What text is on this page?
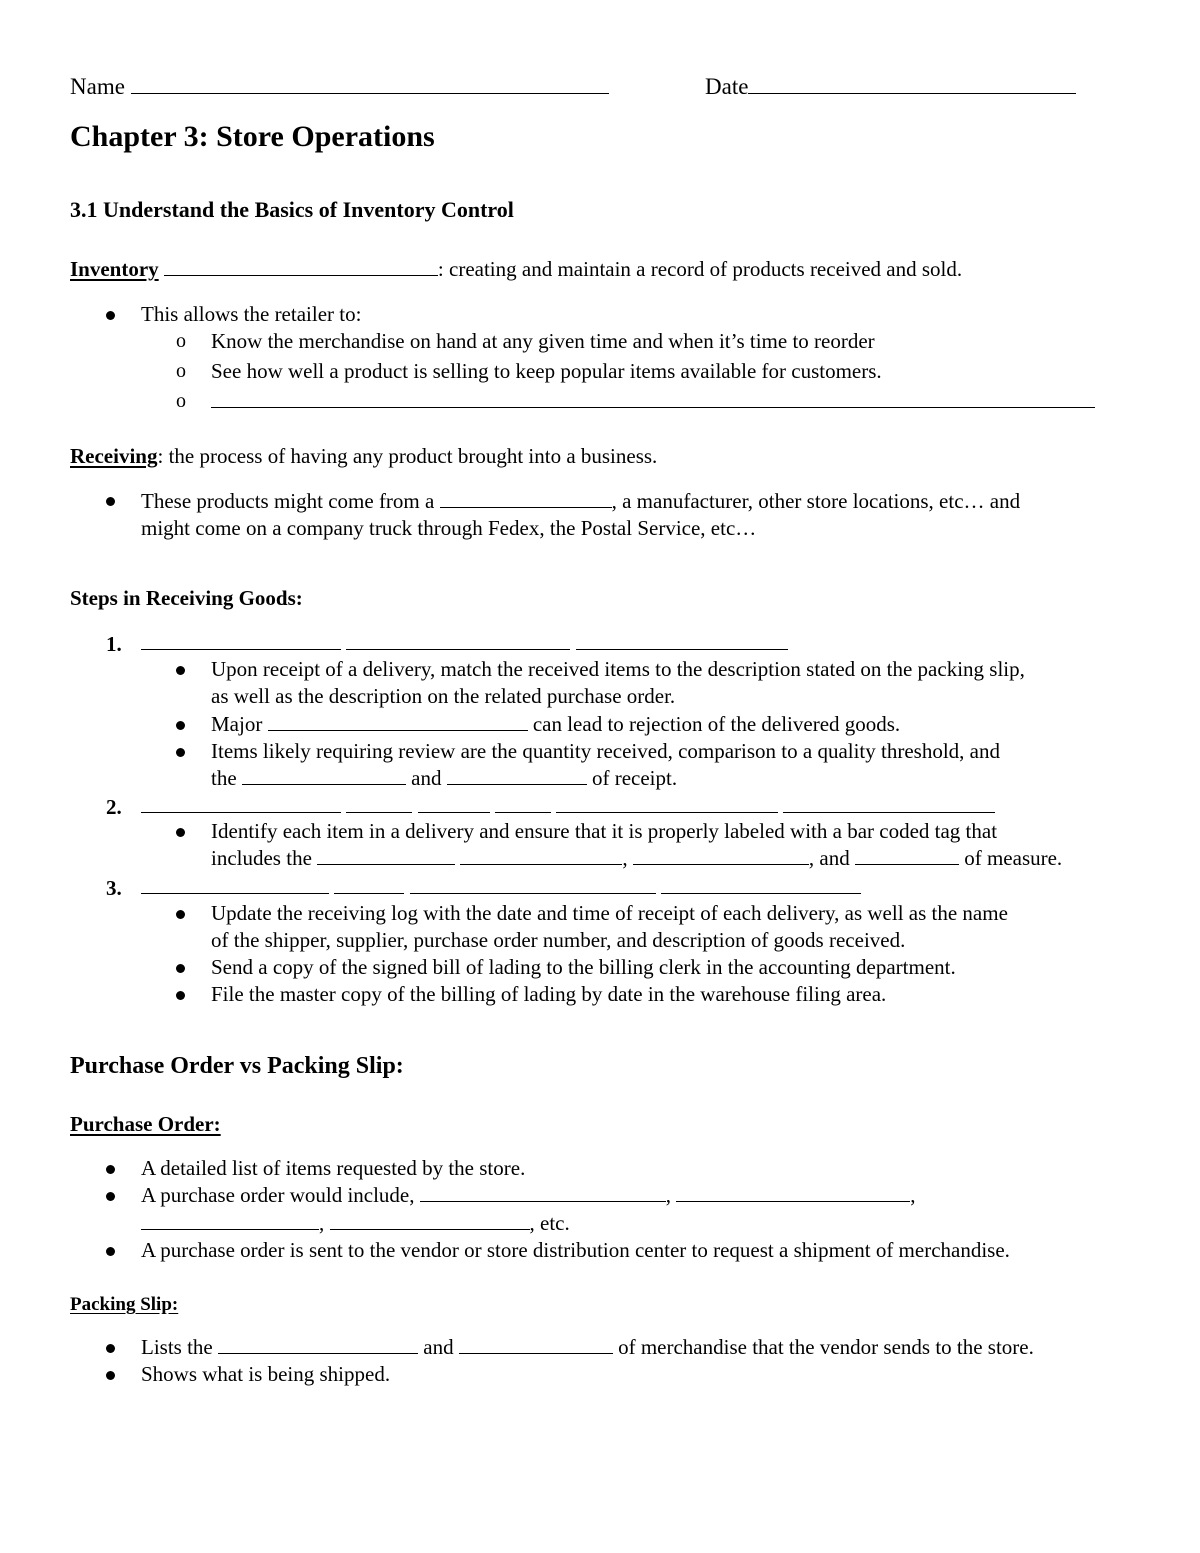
Name	Date
Chapter 3: Store Operations
3.1 Understand the Basics of Inventory Control
Inventory	: creating and maintain a record of products received and sold.
This allows the retailer to:
o Know the merchandise on hand at any given time and when it’s time to reorder
o See how well a product is selling to keep popular items available for customers.
o
Receiving: the process of having any product brought into a business.
These products might come from a	, a manufacturer, other store locations, etc… and
might come on a company truck through Fedex, the Postal Service, etc…
Steps in Receiving Goods:
1.

Upon receipt of a delivery, match the received items to the description stated on the packing slip,
as well as the description on the related purchase order.
Major	can lead to rejection of the delivered goods.
Items likely requiring review are the quantity received, comparison to a quality threshold, and
the	and	of receipt.
2.

Identify each item in a delivery and ensure that it is properly labeled with a bar coded tag that
includes the	,	, and	of measure.
3.

Update the receiving log with the date and time of receipt of each delivery, as well as the name
of the shipper, supplier, purchase order number, and description of goods received.
Send a copy of the signed bill of lading to the billing clerk in the accounting department.
File the master copy of the billing of lading by date in the warehouse filing area.
Purchase Order vs Packing Slip:
Purchase Order:
A detailed list of items requested by the store.
A purchase order would include,	,	,
,	, etc.
A purchase order is sent to the vendor or store distribution center to request a shipment of merchandise.
Packing Slip:
Lists the	and	of merchandise that the vendor sends to the store.
Shows what is being shipped.
